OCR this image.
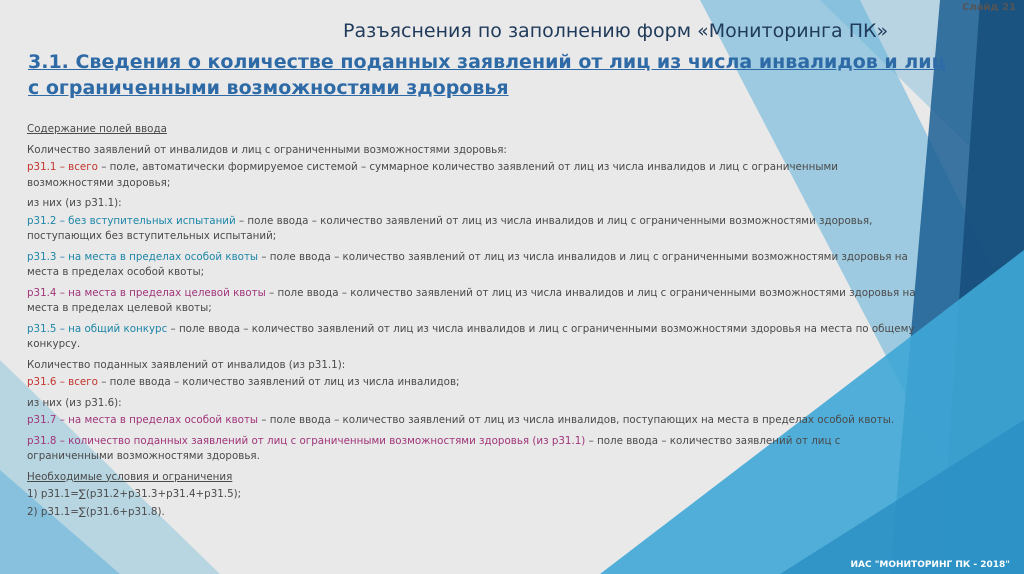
Слайд 21
Разъяснения по заполнению форм «Мониторинга ПК»
3.1. Сведения о количестве поданных заявлений от лиц из числа инвалидов и лиц с ограниченными возможностями здоровья

Содержание полей ввода

Количество заявлений от инвалидов и лиц с ограниченными возможностями здоровья:

p31.1 – всего – поле, автоматически формируемое системой – суммарное количество заявлений от лиц из числа инвалидов и лиц с ограниченными возможностями здоровья;

из них (из p31.1):

p31.2 – без вступительных испытаний – поле ввода – количество заявлений от лиц из числа инвалидов и лиц с ограниченными возможностями здоровья, поступающих без вступительных испытаний;

p31.3 – на места в пределах особой квоты – поле ввода – количество заявлений от лиц из числа инвалидов и лиц с ограниченными возможностями здоровья на места в пределах особой квоты;

p31.4 – на места в пределах целевой квоты – поле ввода – количество заявлений от лиц из числа инвалидов и лиц с ограниченными возможностями здоровья на места в пределах целевой квоты;

p31.5 – на общий конкурс – поле ввода – количество заявлений от лиц из числа инвалидов и лиц с ограниченными возможностями здоровья на места по общему конкурсу.

Количество поданных заявлений от инвалидов (из p31.1):

p31.6 – всего – поле ввода – количество заявлений от лиц из числа инвалидов;

из них (из p31.6):

p31.7 – на места в пределах особой квоты – поле ввода – количество заявлений от лиц из числа инвалидов, поступающих на места в пределах особой квоты.

p31.8 – количество поданных заявлений от лиц с ограниченными возможностями здоровья (из p31.1) – поле ввода – количество заявлений от лиц с ограниченными возможностями здоровья.

Необходимые условия и ограничения

1) p31.1=∑(p31.2+p31.3+p31.4+p31.5);

2) p31.1=∑(p31.6+p31.8).

ИАС "МОНИТОРИНГ ПК - 2018"
